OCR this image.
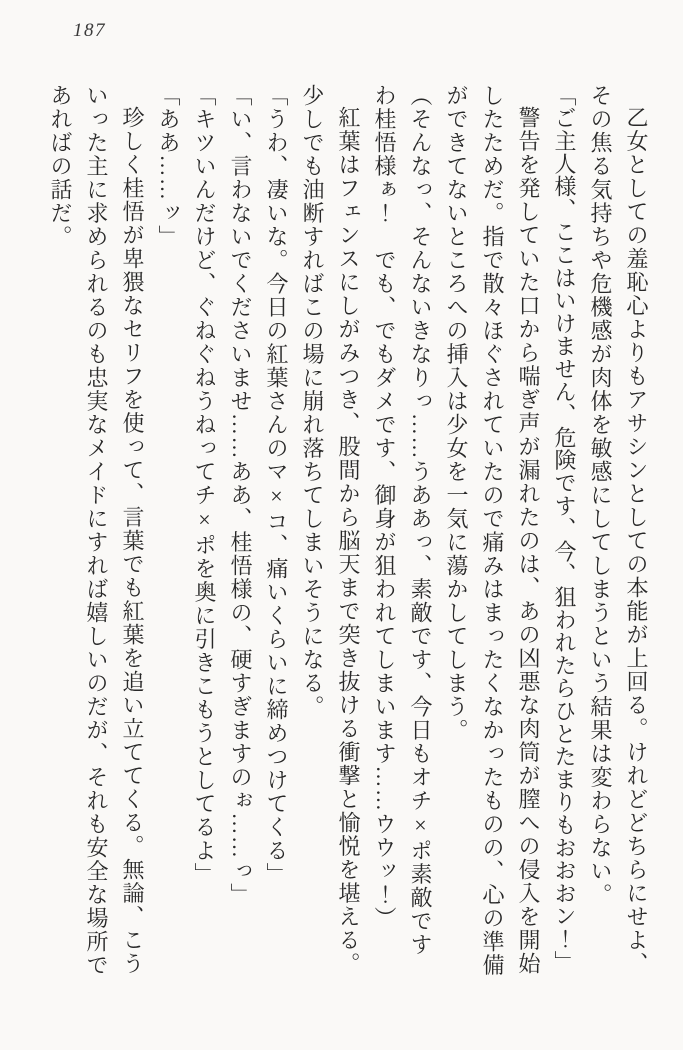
187

乙女としての羞恥心よりもアサシンとしての本能が上回る。けれどどちらにせよ、その焦る気持ちや危機感が肉体を敏感にしてしまうという結果は変わらない。

「ご主人様、ここはいけません、危険です、今、狙われたらひとたまりもおおおン！」

警告を発していた口から喘ぎ声が漏れたのは、あの凶悪な肉筒が膣への侵入を開始したためだ。指で散々ほぐされていたので痛みはまったくなかったものの、心の準備ができてないところへの挿入は少女を一気に蕩かしてしまう。

（そんなっ、そんないきなりっ……うああっ、素敵です、今日もオチ×ポ素敵ですわ桂悟様ぁ！　でも、でもダメです、御身が狙われてしまいます……ウウッ！）

紅葉はフェンスにしがみつき、股間から脳天まで突き抜ける衝撃と愉悦を堪える。少しでも油断すればこの場に崩れ落ちてしまいそうになる。

「うわ、凄いな。今日の紅葉さんのマ×コ、痛いくらいに締めつけてくる」

「い、言わないでくださいませ……ああ、桂悟様の、硬すぎますのぉ……っ」

「キツいんだけど、ぐねぐねうねってチ×ポを奥に引きこもうとしてるよ」

「ああ……ッ」

珍しく桂悟が卑猥なセリフを使って、言葉でも紅葉を追い立ててくる。無論、こういった主に求められるのも忠実なメイドにすれば嬉しいのだが、それも安全な場所であればの話だ。
